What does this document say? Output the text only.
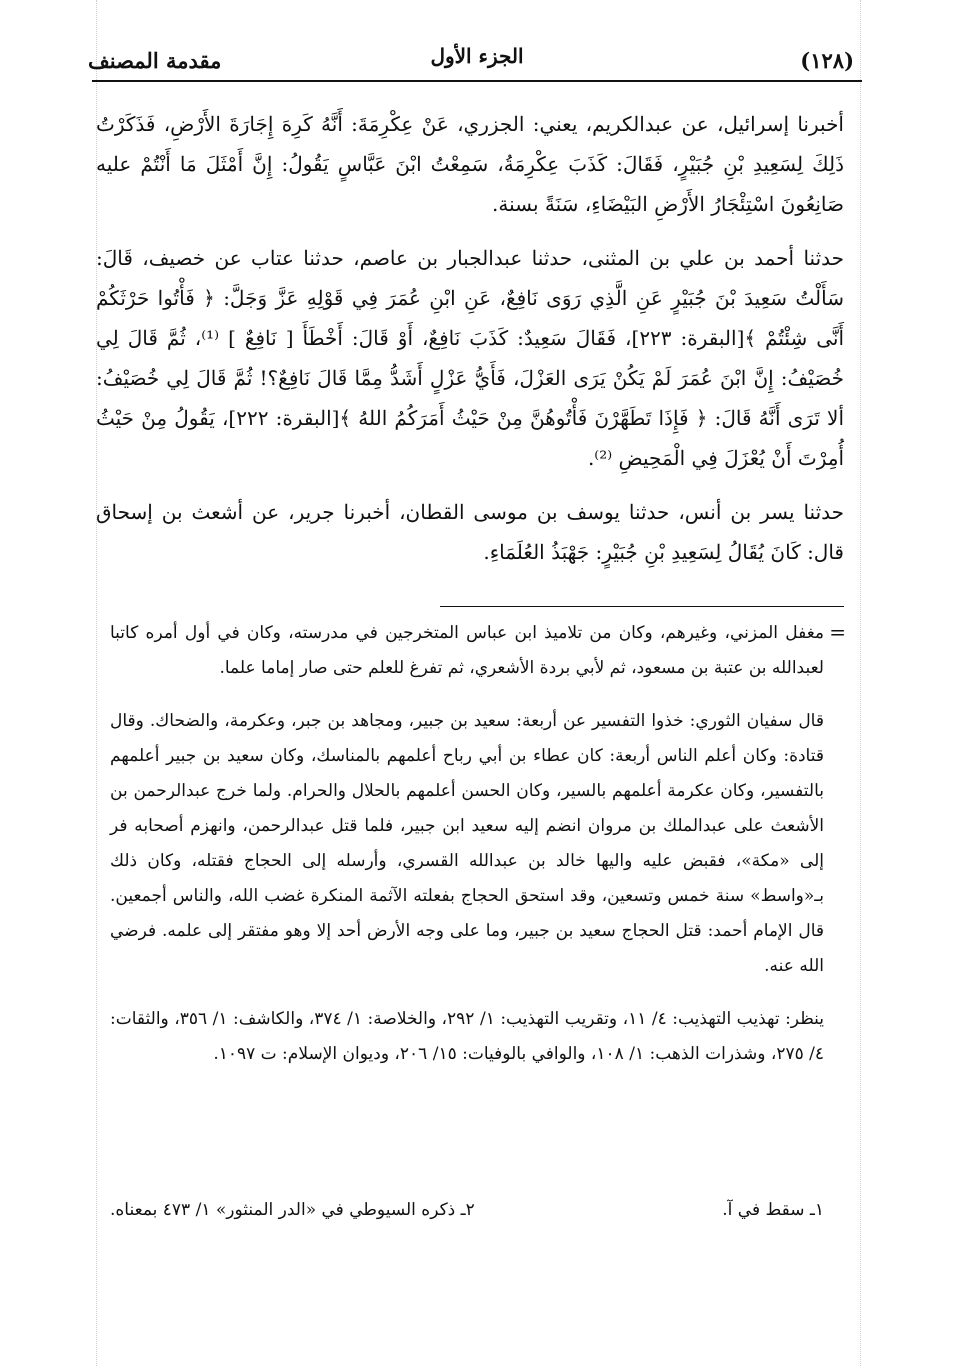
مقدمة المصنف	(١٢٨)
الجزء الأول

أخبرنا إسرائيل، عن عبدالكريم، يعني: الجزري، عَنْ عِكْرِمَةَ: أَنَّهُ كَرِهَ إِجَارَةَ الأَرْضِ، فَذَكَرْتُ ذَلِكَ لِسَعِيدِ بْنِ جُبَيْرٍ، فَقَالَ: كَذَبَ عِكْرِمَةُ، سَمِعْتُ ابْنَ عَبَّاسٍ يَقُولُ: إِنَّ أَمْثَلَ مَا أَنْتُمْ عليه صَانِعُونَ اسْتِئْجَارُ الأَرْضِ البَيْضَاءِ، سَنَةً بسنة.

حدثنا أحمد بن علي بن المثنى، حدثنا عبدالجبار بن عاصم، حدثنا عتاب عن خصيف، قَالَ: سَأَلْتُ سَعِيدَ بْنَ جُبَيْرٍ عَنِ الَّذِي رَوَى نَافِعٌ، عَنِ ابْنِ عُمَرَ فِي قَوْلِهِ عَزَّ وَجَلَّ: ﴿ فَأْتُوا حَرْثَكُمْ أَنَّى شِئْتُمْ ﴾[البقرة: ٢٢٣]، فَقَالَ سَعِيدٌ: كَذَبَ نَافِعٌ، أَوْ قَالَ: أَخْطَأَ [ نَافِعٌ ] ⁽¹⁾، ثُمَّ قَالَ لِي خُصَيْفُ: إِنَّ ابْنَ عُمَرَ لَمْ يَكُنْ يَرَى العَزْلَ، فَأَيُّ عَزْلٍ أَشَدُّ مِمَّا قَالَ نَافِعٌ؟! ثُمَّ قَالَ لِي خُصَيْفُ: ألا تَرَى أَنَّهُ قَالَ: ﴿ فَإِذَا تَطَهَّرْنَ فَأْتُوهُنَّ مِنْ حَيْثُ أَمَرَكُمُ اللهُ ﴾[البقرة: ٢٢٢]، يَقُولُ مِنْ حَيْثُ أُمِرْتَ أَنْ يُعْزَلَ فِي الْمَحِيضِ ⁽²⁾.

حدثنا يسر بن أنس، حدثنا يوسف بن موسى القطان، أخبرنا جرير، عن أشعث بن إسحاق قال: كَانَ يُقَالُ لِسَعِيدِ بْنِ جُبَيْرٍ: جَهْبَذُ العُلَمَاءِ.

=

مغفل المزني، وغيرهم، وكان من تلاميذ ابن عباس المتخرجين في مدرسته، وكان في أول أمره كاتبا لعبدالله بن عتبة بن مسعود، ثم لأبي بردة الأشعري، ثم تفرغ للعلم حتى صار إماما علما.

قال سفيان الثوري: خذوا التفسير عن أربعة: سعيد بن جبير، ومجاهد بن جبر، وعكرمة، والضحاك. وقال قتادة: وكان أعلم الناس أربعة: كان عطاء بن أبي رباح أعلمهم بالمناسك، وكان سعيد بن جبير أعلمهم بالتفسير، وكان عكرمة أعلمهم بالسير، وكان الحسن أعلمهم بالحلال والحرام. ولما خرج عبدالرحمن بن الأشعث على عبدالملك بن مروان انضم إليه سعيد ابن جبير، فلما قتل عبدالرحمن، وانهزم أصحابه فر إلى «مكة»، فقبض عليه واليها خالد بن عبدالله القسري، وأرسله إلى الحجاج فقتله، وكان ذلك بـ«واسط» سنة خمس وتسعين، وقد استحق الحجاج بفعلته الآثمة المنكرة غضب الله، والناس أجمعين. قال الإمام أحمد: قتل الحجاج سعيد بن جبير، وما على وجه الأرض أحد إلا وهو مفتقر إلى علمه. فرضي الله عنه.

ينظر: تهذيب التهذيب: ٤/ ١١، وتقريب التهذيب: ١/ ٢٩٢، والخلاصة: ١/ ٣٧٤، والكاشف: ١/ ٣٥٦، والثقات: ٤/ ٢٧٥، وشذرات الذهب: ١/ ١٠٨، والوافي بالوفيات: ١٥/ ٢٠٦، وديوان الإسلام: ت ١٠٩٧.

١ـ سقط في آ.
٢ـ ذكره السيوطي في «الدر المنثور» ١/ ٤٧٣ بمعناه.
